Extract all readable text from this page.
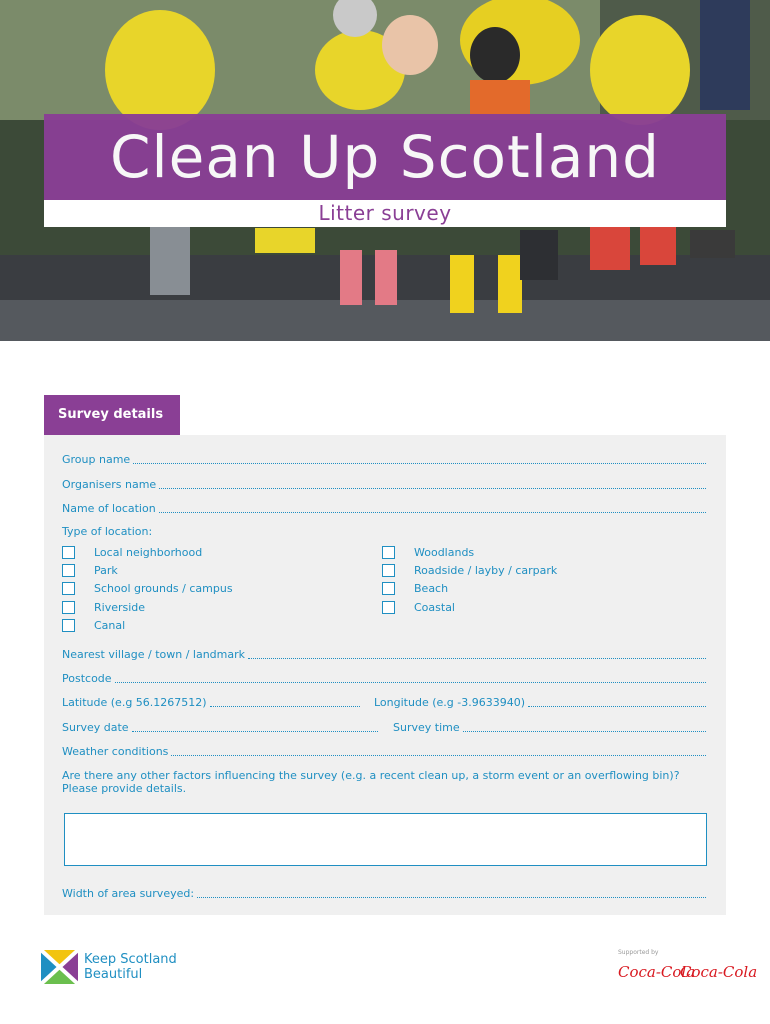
Clean Up Scotland
Litter survey
Survey details
Group name
Organisers name
Name of location
Type of location:
Local neighborhood
Park
School grounds / campus
Riverside
Canal
Woodlands
Roadside / layby / carpark
Beach
Coastal
Nearest village / town / landmark
Postcode
Latitude (e.g 56.1267512)	Longitude (e.g -3.9633940)
Survey date	Survey time
Weather conditions
Are there any other factors influencing the survey (e.g. a recent clean up, a storm event or an overflowing bin)? Please provide details.
Width of area surveyed:
Keep Scotland
Beautiful
Supported by
Coca-Cola
Coca-Cola
